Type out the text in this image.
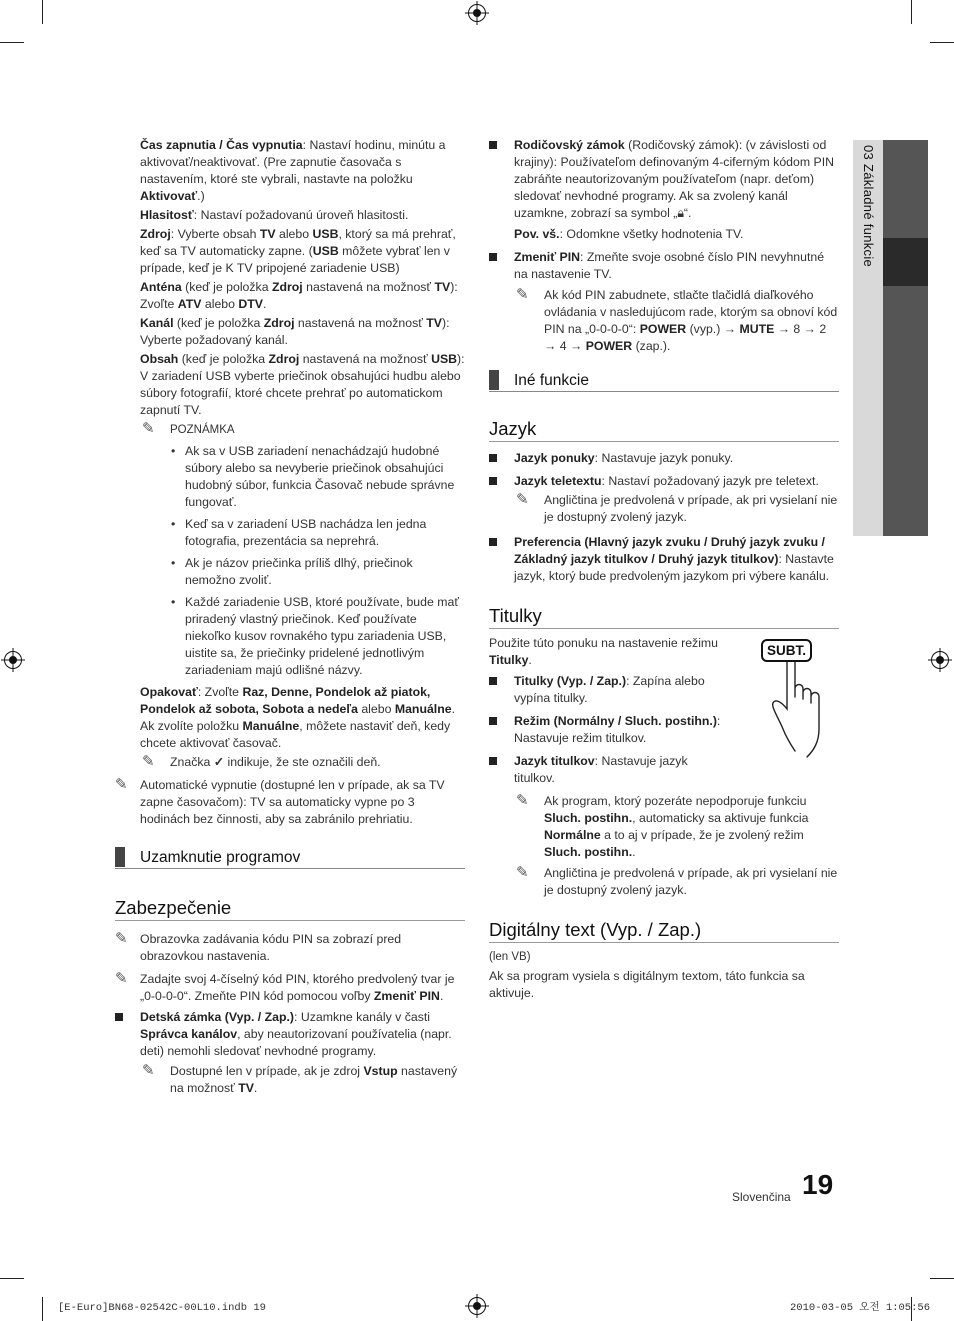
03 Základné funkcie

Čas zapnutia / Čas vypnutia: Nastaví hodinu, minútu a aktivovať/neaktivovať. (Pre zapnutie časovača s nastavením, ktoré ste vybrali, nastavte na položku Aktivovať.)

Hlasitosť: Nastaví požadovanú úroveň hlasitosti.

Zdroj: Vyberte obsah TV alebo USB, ktorý sa má prehrať, keď sa TV automaticky zapne. (USB môžete vybrať len v prípade, keď je K TV pripojené zariadenie USB)

Anténa (keď je položka Zdroj nastavená na možnosť TV): Zvoľte ATV alebo DTV.

Kanál (keď je položka Zdroj nastavená na možnosť TV): Vyberte požadovaný kanál.

Obsah (keď je položka Zdroj nastavená na možnosť USB): V zariadení USB vyberte priečinok obsahujúci hudbu alebo súbory fotografií, ktoré chcete prehrať po automatickom zapnutí TV.

✎ POZNÁMKA
• Ak sa v USB zariadení nenachádzajú hudobné súbory alebo sa nevyberie priečinok obsahujúci hudobný súbor, funkcia Časovač nebude správne fungovať.
• Keď sa v zariadení USB nachádza len jedna fotografia, prezentácia sa neprehrá.
• Ak je názov priečinka príliš dlhý, priečinok nemožno zvoliť.
• Každé zariadenie USB, ktoré používate, bude mať priradený vlastný priečinok. Keď používate niekoľko kusov rovnakého typu zariadenia USB, uistite sa, že priečinky pridelené jednotlivým zariadeniam majú odlišné názvy.

Opakovať: Zvoľte Raz, Denne, Pondelok až piatok, Pondelok až sobota, Sobota a nedeľa alebo Manuálne. Ak zvolíte položku Manuálne, môžete nastaviť deň, kedy chcete aktivovať časovač.

✎ Značka ✓ indikuje, že ste označili deň.
✎ Automatické vypnutie (dostupné len v prípade, ak sa TV zapne časovačom): TV sa automaticky vypne po 3 hodinách bez činnosti, aby sa zabránilo prehriatiu.
Uzamknutie programov
Zabezpečenie
✎ Obrazovka zadávania kódu PIN sa zobrazí pred obrazovkou nastavenia.
✎ Zadajte svoj 4-číselný kód PIN, ktorého predvolený tvar je „0-0-0-0“. Zmeňte PIN kód pomocou voľby Zmeniť PIN.
Detská zámka (Vyp. / Zap.): Uzamkne kanály v časti Správca kanálov, aby neautorizovaní používatelia (napr. deti) nemohli sledovať nevhodné programy.
✎ Dostupné len v prípade, ak je zdroj Vstup nastavený na možnosť TV.
Rodičovský zámok (Rodičovský zámok): (v závislosti od krajiny): Používateľom definovaným 4-ciferným kódom PIN zabráňte neautorizovaným používateľom (napr. deťom) sledovať nevhodné programy. Ak sa zvolený kanál uzamkne, zobrazí sa symbol „🔒︎“.

Pov. vš.: Odomkne všetky hodnotenia TV.

Zmeniť PIN: Zmeňte svoje osobné číslo PIN nevyhnutné na nastavenie TV.
✎ Ak kód PIN zabudnete, stlačte tlačidlá diaľkového ovládania v nasledujúcom rade, ktorým sa obnoví kód PIN na „0-0-0-0“: POWER (vyp.) → MUTE → 8 → 2 → 4 → POWER (zap.).
Iné funkcie
Jazyk
Jazyk ponuky: Nastavuje jazyk ponuky.
Jazyk teletextu: Nastaví požadovaný jazyk pre teletext.
✎ Angličtina je predvolená v prípade, ak pri vysielaní nie je dostupný zvolený jazyk.
Preferencia (Hlavný jazyk zvuku / Druhý jazyk zvuku / Základný jazyk titulkov / Druhý jazyk titulkov): Nastavte jazyk, ktorý bude predvoleným jazykom pri výbere kanálu.
Titulky

Použite túto ponuku na nastavenie režimu Titulky.

Titulky (Vyp. / Zap.): Zapína alebo vypína titulky.
Režim (Normálny / Sluch. postihn.): Nastavuje režim titulkov.
Jazyk titulkov: Nastavuje jazyk titulkov.
SUBT.
✎ Ak program, ktorý pozeráte nepodporuje funkciu Sluch. postihn., automaticky sa aktivuje funkcia Normálne a to aj v prípade, že je zvolený režim Sluch. postihn..
✎ Angličtina je predvolená v prípade, ak pri vysielaní nie je dostupný zvolený jazyk.
Digitálny text (Vyp. / Zap.)

(len VB)

Ak sa program vysiela s digitálnym textom, táto funkcia sa aktivuje.

Slovenčina 19
[E-Euro]BN68-02542C-00L10.indb 19	2010-03-05 오전 1:05:56
